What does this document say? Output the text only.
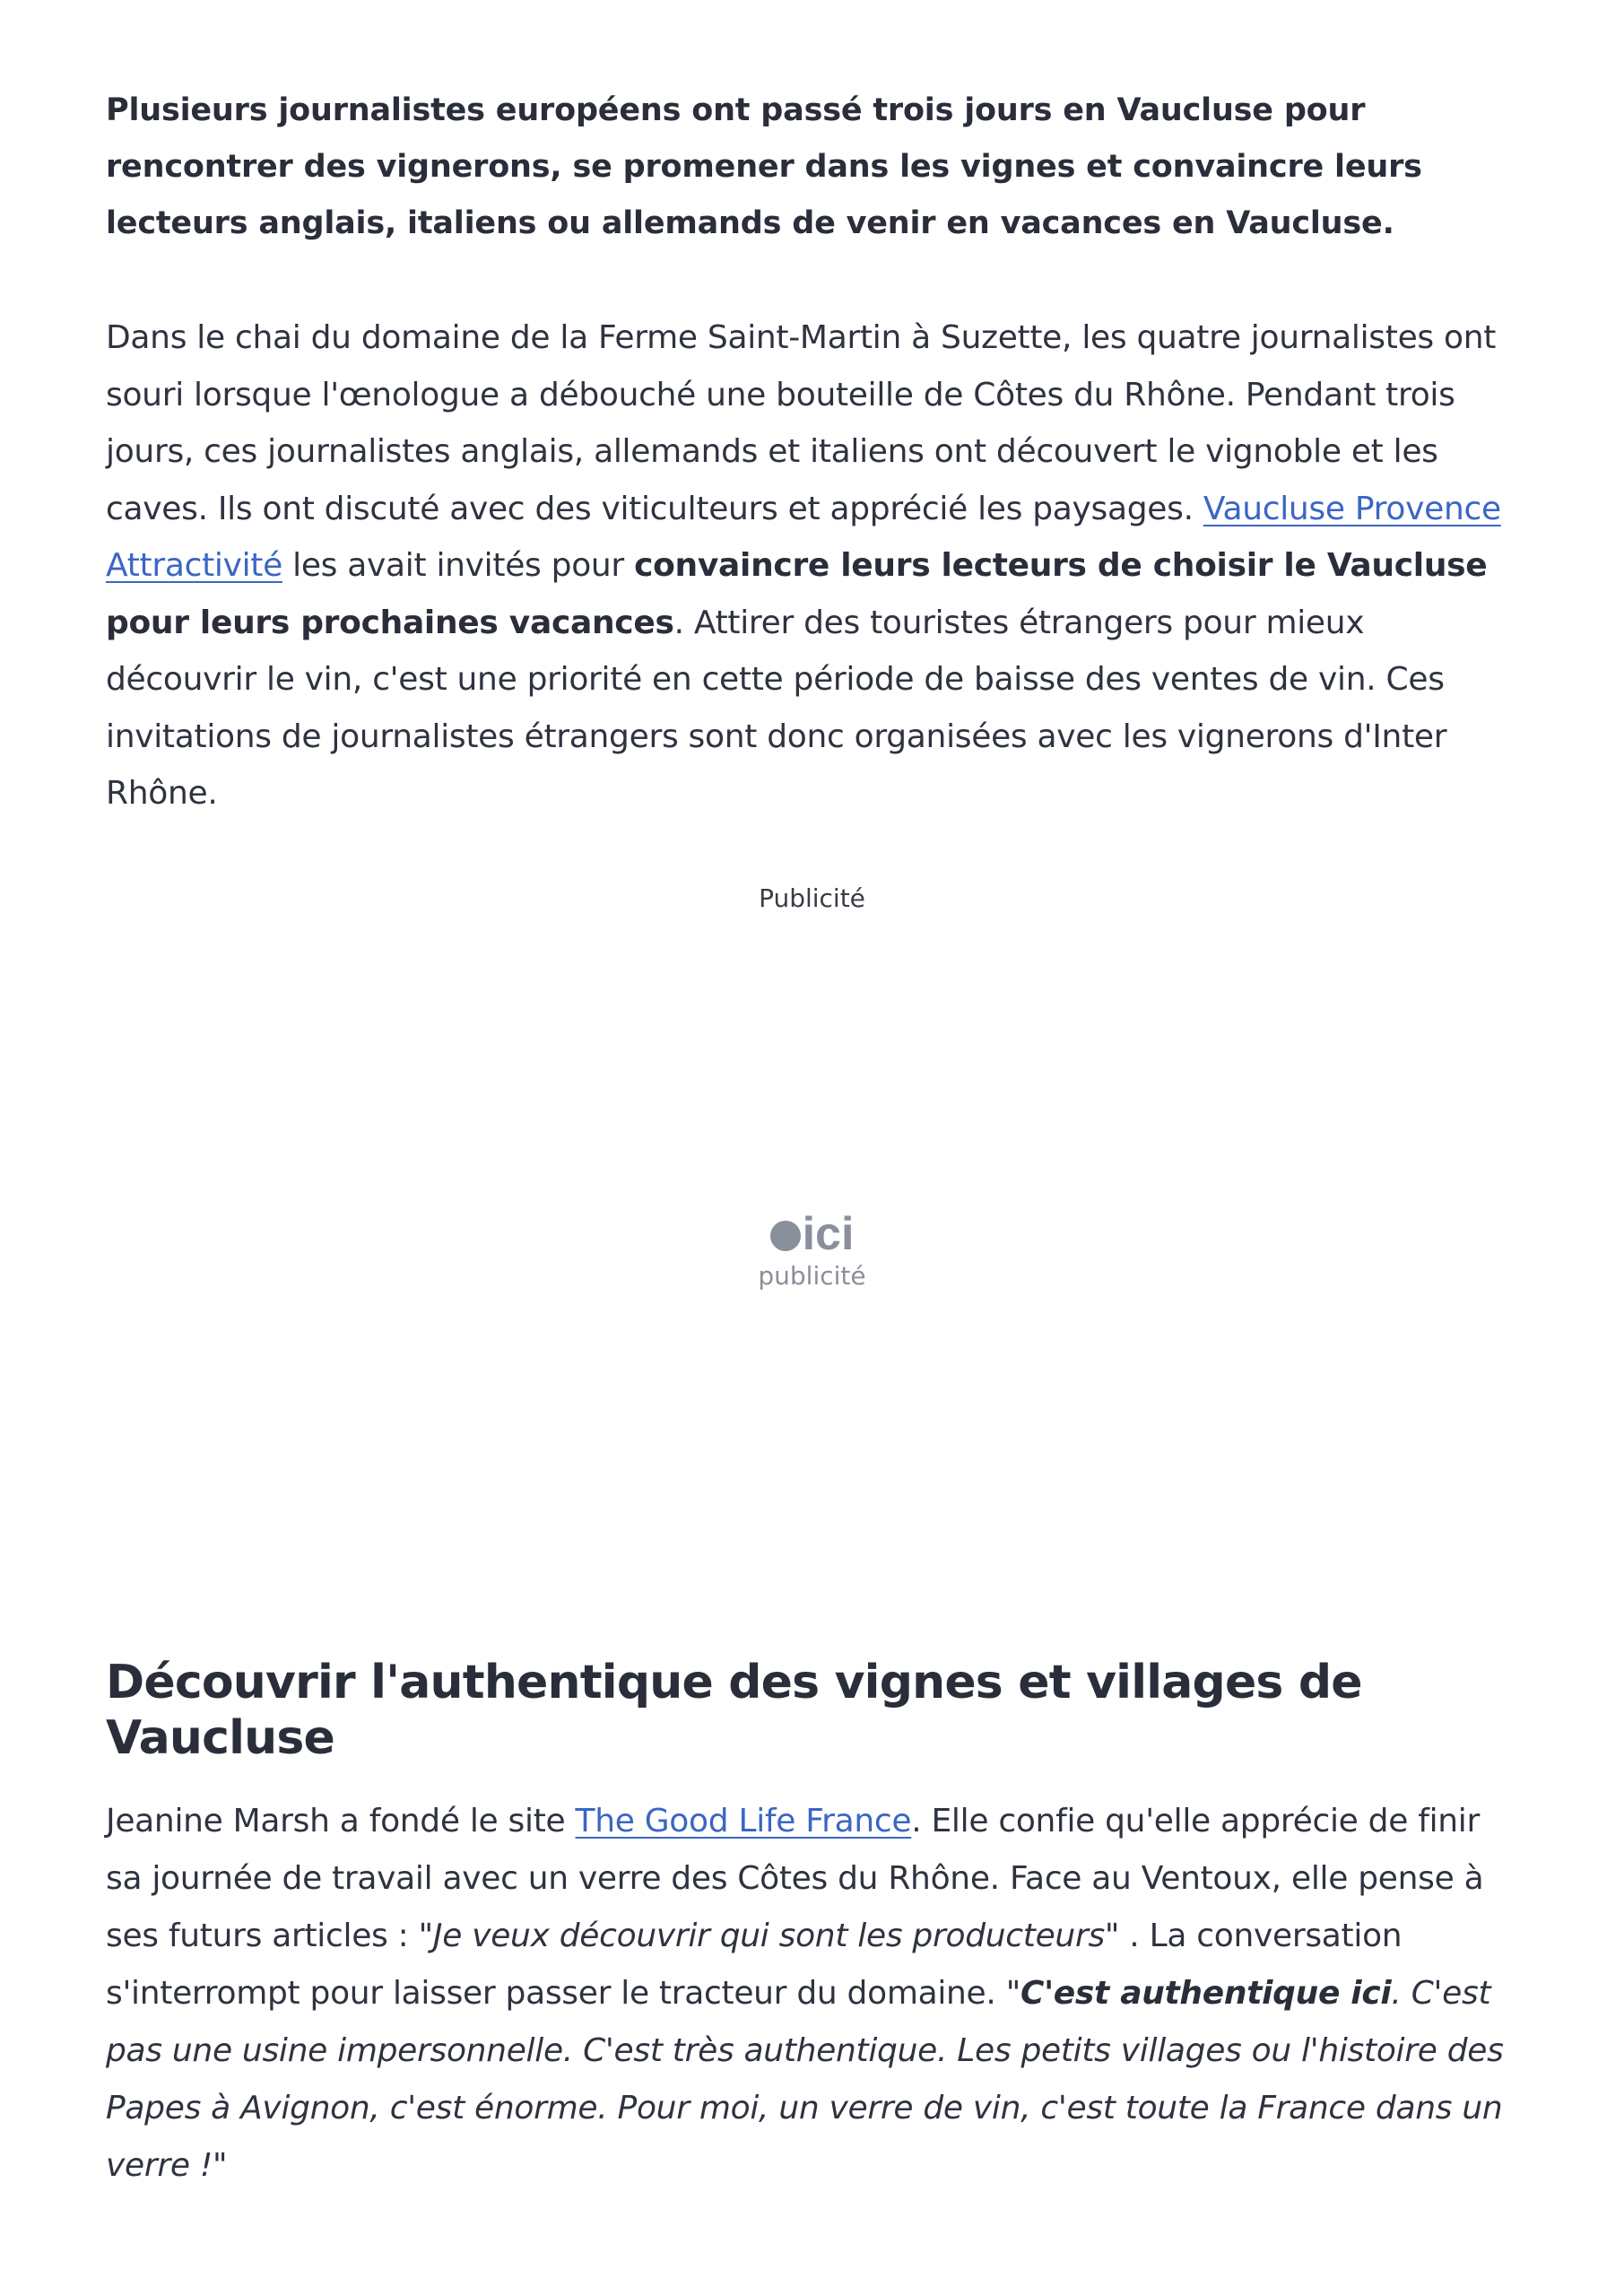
Plusieurs journalistes européens ont passé trois jours en Vaucluse pour rencontrer des vignerons, se promener dans les vignes et convaincre leurs lecteurs anglais, italiens ou allemands de venir en vacances en Vaucluse.

Dans le chai du domaine de la Ferme Saint-Martin à Suzette, les quatre journalistes ont souri lorsque l'œnologue a débouché une bouteille de Côtes du Rhône. Pendant trois jours, ces journalistes anglais, allemands et italiens ont découvert le vignoble et les caves. Ils ont discuté avec des viticulteurs et apprécié les paysages. Vaucluse Provence Attractivité les avait invités pour convaincre leurs lecteurs de choisir le Vaucluse pour leurs prochaines vacances. Attirer des touristes étrangers pour mieux découvrir le vin, c'est une priorité en cette période de baisse des ventes de vin. Ces invitations de journalistes étrangers sont donc organisées avec les vignerons d'Inter Rhône.

Publicité
ici
publicité
Découvrir l'authentique des vignes et villages de Vaucluse

Jeanine Marsh a fondé le site The Good Life France. Elle confie qu'elle apprécie de finir sa journée de travail avec un verre des Côtes du Rhône. Face au Ventoux, elle pense à ses futurs articles : "Je veux découvrir qui sont les producteurs" . La conversation s'interrompt pour laisser passer le tracteur du domaine. "C'est authentique ici. C'est pas une usine impersonnelle. C'est très authentique. Les petits villages ou l'histoire des Papes à Avignon, c'est énorme. Pour moi, un verre de vin, c'est toute la France dans un verre !"
